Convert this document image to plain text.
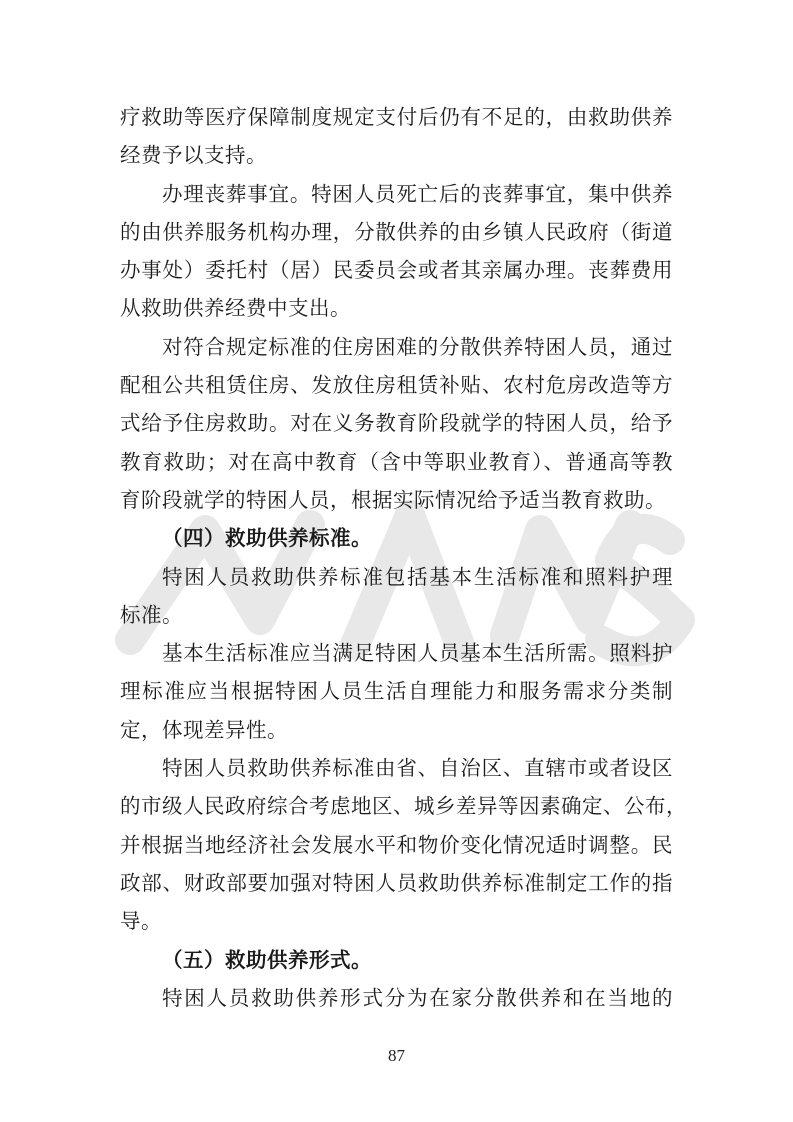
疗救助等医疗保障制度规定支付后仍有不足的，由救助供养
经费予以支持。
办理丧葬事宜。特困人员死亡后的丧葬事宜，集中供养
的由供养服务机构办理，分散供养的由乡镇人民政府（街道
办事处）委托村（居）民委员会或者其亲属办理。丧葬费用
从救助供养经费中支出。
对符合规定标准的住房困难的分散供养特困人员，通过
配租公共租赁住房、发放住房租赁补贴、农村危房改造等方
式给予住房救助。对在义务教育阶段就学的特困人员，给予
教育救助；对在高中教育（含中等职业教育）、普通高等教
育阶段就学的特困人员，根据实际情况给予适当教育救助。
（四）救助供养标准。
特困人员救助供养标准包括基本生活标准和照料护理
标准。
基本生活标准应当满足特困人员基本生活所需。照料护
理标准应当根据特困人员生活自理能力和服务需求分类制
定，体现差异性。
特困人员救助供养标准由省、自治区、直辖市或者设区
的市级人民政府综合考虑地区、城乡差异等因素确定、公布，
并根据当地经济社会发展水平和物价变化情况适时调整。民
政部、财政部要加强对特困人员救助供养标准制定工作的指
导。
（五）救助供养形式。
特困人员救助供养形式分为在家分散供养和在当地的
87
